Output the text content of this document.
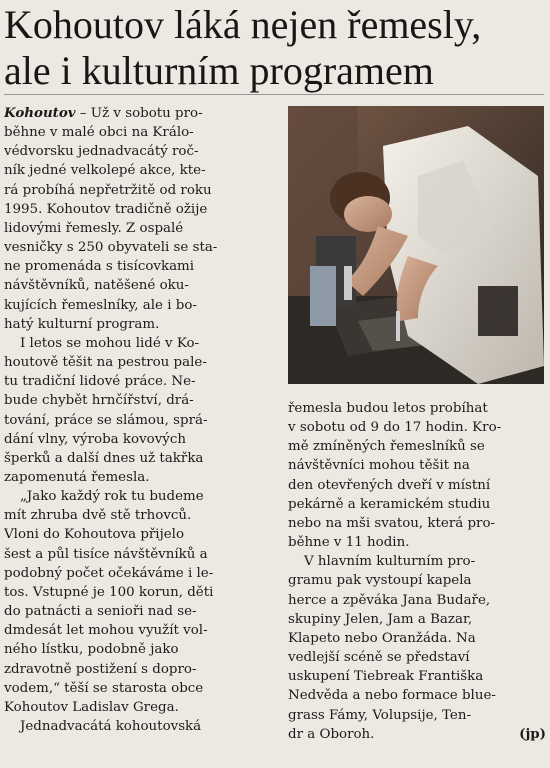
Kohoutov láká nejen řemesly,
ale i kulturním programem
Kohoutov – Už v sobotu pro-
běhne v malé obci na Králo-
védvorsku jednadvacátý roč-
ník jedné velkolepé akce, kte-
rá probíhá nepřetržitě od roku
1995. Kohoutov tradičně ožije
lidovými řemesly. Z ospalé
vesničky s 250 obyvateli se sta-
ne promenáda s tisícovkami
návštěvníků, natěšené oku-
kujících řemeslníky, ale i bo-
hatý kulturní program.
I letos se mohou lidé v Ko-
houtově těšit na pestrou pale-
tu tradiční lidové práce. Ne-
bude chybět hrnčířství, drá-
tování, práce se slámou, sprá-
dání vlny, výroba kovových
šperků a další dnes už takřka
zapomenutá řemesla.
„Jako každý rok tu budeme
mít zhruba dvě stě trhovců.
Vloni do Kohoutova přijelo
šest a půl tisíce návštěvníků a
podobný počet očekáváme i le-
tos. Vstupné je 100 korun, děti
do patnácti a senioři nad se-
dmdesát let mohou využít vol-
ného lístku, podobně jako
zdravotně postižení s dopro-
vodem,“ těší se starosta obce
Kohoutov Ladislav Grega.
Jednadvacátá kohoutovská
řemesla budou letos probíhat
v sobotu od 9 do 17 hodin. Kro-
mě zmíněných řemeslníků se
návštěvníci mohou těšit na
den otevřených dveří v místní
pekárně a keramickém studiu
nebo na mši svatou, která pro-
běhne v 11 hodin.
V hlavním kulturním pro-
gramu pak vystoupí kapela
herce a zpěváka Jana Budaře,
skupiny Jelen, Jam a Bazar,
Klapeto nebo Oranžáda. Na
vedlejší scéně se představí
uskupení Tiebreak Františka
Nedvěda a nebo formace blue-
grass Fámy, Volupsije, Ten-
dr a Oboroh.	(jp)
